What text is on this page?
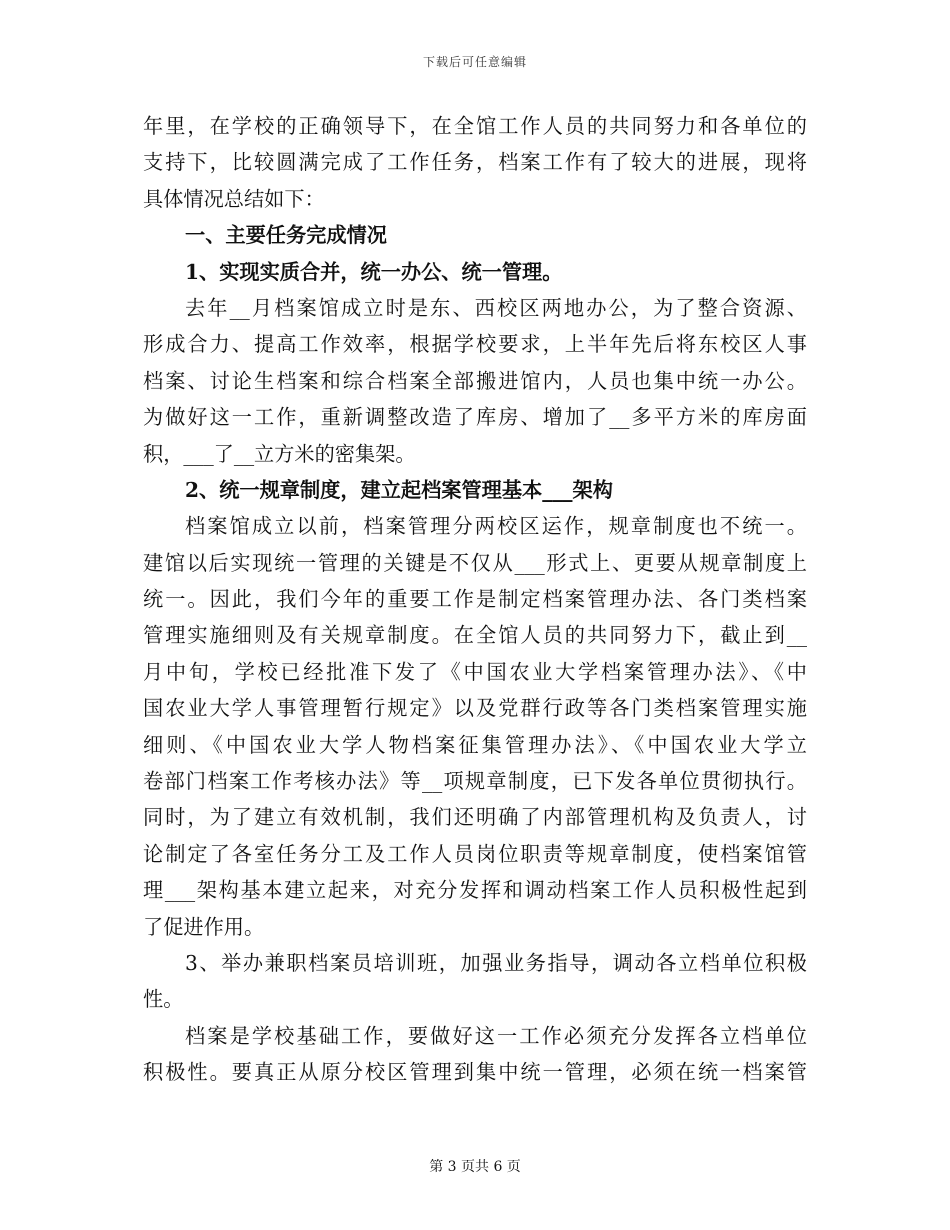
下载后可任意编辑
年里，在学校的正确领导下，在全馆工作人员的共同努力和各单位的
支持下，比较圆满完成了工作任务，档案工作有了较大的进展，现将
具体情况总结如下：
一、主要任务完成情况
1、实现实质合并，统一办公、统一管理。
去年__月档案馆成立时是东、西校区两地办公，为了整合资源、
形成合力、提高工作效率，根据学校要求，上半年先后将东校区人事
档案、讨论生档案和综合档案全部搬进馆内，人员也集中统一办公。
为做好这一工作，重新调整改造了库房、增加了__多平方米的库房面
积，___了__立方米的密集架。
2、统一规章制度，建立起档案管理基本___架构
档案馆成立以前，档案管理分两校区运作，规章制度也不统一。
建馆以后实现统一管理的关键是不仅从___形式上、更要从规章制度上
统一。因此，我们今年的重要工作是制定档案管理办法、各门类档案
管理实施细则及有关规章制度。在全馆人员的共同努力下，截止到__
月中旬，学校已经批准下发了《中国农业大学档案管理办法》、《中
国农业大学人事管理暂行规定》以及党群行政等各门类档案管理实施
细则、《中国农业大学人物档案征集管理办法》、《中国农业大学立
卷部门档案工作考核办法》等__项规章制度，已下发各单位贯彻执行。
同时，为了建立有效机制，我们还明确了内部管理机构及负责人，讨
论制定了各室任务分工及工作人员岗位职责等规章制度，使档案馆管
理___架构基本建立起来，对充分发挥和调动档案工作人员积极性起到
了促进作用。
3、举办兼职档案员培训班，加强业务指导，调动各立档单位积极
性。
档案是学校基础工作，要做好这一工作必须充分发挥各立档单位
积极性。要真正从原分校区管理到集中统一管理，必须在统一档案管
第 3 页共 6 页
